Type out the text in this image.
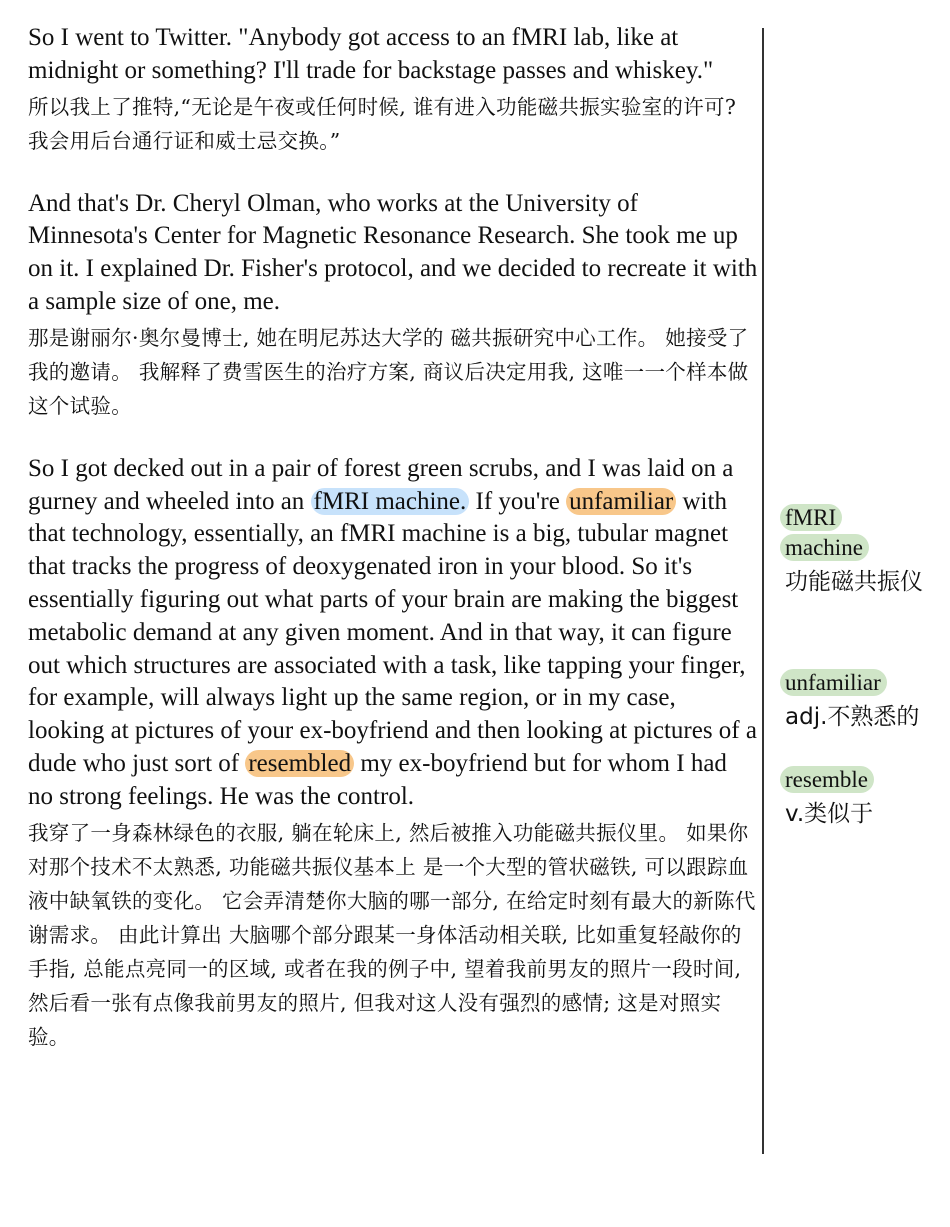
So I went to Twitter. "Anybody got access to an fMRI lab, like at midnight or something? I'll trade for backstage passes and whiskey."

所以我上了推特,“无论是午夜或任何时候, 谁有进入功能磁共振实验室的许可? 我会用后台通行证和威士忌交换。”

And that's Dr. Cheryl Olman, who works at the University of Minnesota's Center for Magnetic Resonance Research. She took me up on it. I explained Dr. Fisher's protocol, and we decided to recreate it with a sample size of one, me.

那是谢丽尔·奥尔曼博士, 她在明尼苏达大学的 磁共振研究中心工作。 她接受了我的邀请。 我解释了费雪医生的治疗方案, 商议后决定用我, 这唯一一个样本做这个试验。

So I got decked out in a pair of forest green scrubs, and I was laid on a gurney and wheeled into an fMRI machine. If you're unfamiliar with that technology, essentially, an fMRI machine is a big, tubular magnet that tracks the progress of deoxygenated iron in your blood. So it's essentially figuring out what parts of your brain are making the biggest metabolic demand at any given moment. And in that way, it can figure out which structures are associated with a task, like tapping your finger, for example, will always light up the same region, or in my case, looking at pictures of your ex-boyfriend and then looking at pictures of a dude who just sort of resembled my ex-boyfriend but for whom I had no strong feelings. He was the control.

我穿了一身森林绿色的衣服, 躺在轮床上, 然后被推入功能磁共振仪里。 如果你对那个技术不太熟悉, 功能磁共振仪基本上 是一个大型的管状磁铁, 可以跟踪血液中缺氧铁的变化。 它会弄清楚你大脑的哪一部分, 在给定时刻有最大的新陈代谢需求。 由此计算出 大脑哪个部分跟某一身体活动相关联, 比如重复轻敲你的手指, 总能点亮同一的区域, 或者在我的例子中, 望着我前男友的照片一段时间, 然后看一张有点像我前男友的照片, 但我对这人没有强烈的感情; 这是对照实验。

fMRI machine
功能磁共振仪
unfamiliar
adj.不熟悉的
resemble
v.类似于
